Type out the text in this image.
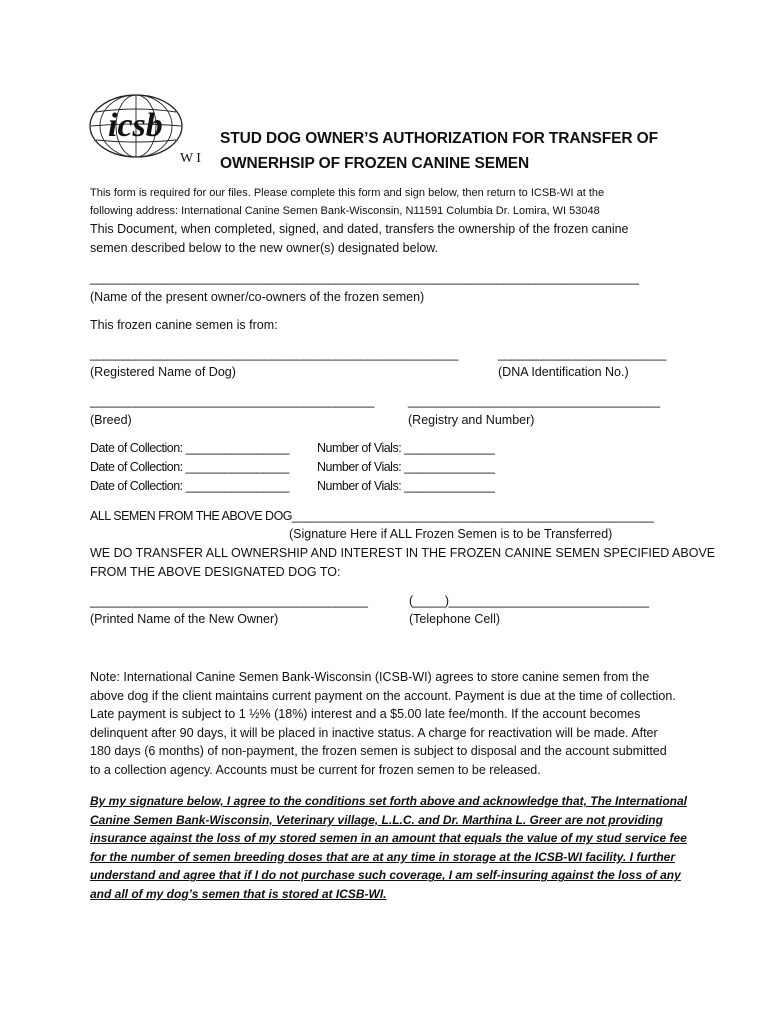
icsb
WI
STUD DOG OWNER’S AUTHORIZATION FOR TRANSFER OF
OWNERHSIP OF FROZEN CANINE SEMEN
This form is required for our files. Please complete this form and sign below, then return to ICSB-WI at the
following address: International Canine Semen Bank-Wisconsin, N11591 Columbia Dr. Lomira, WI 53048
This Document, when completed, signed, and dated, transfers the ownership of the frozen canine
semen described below to the new owner(s) designated below.
_____________________________________________________________________________________
(Name of the present owner/co-owners of the frozen semen)
This frozen canine semen is from:
_________________________________________________________	__________________________
(Registered Name of Dog)	(DNA Identification No.)
____________________________________________	_______________________________________
(Breed)	(Registry and Number)
Date of Collection: ________________ Number of Vials: ______________
Date of Collection: ________________ Number of Vials: ______________
Date of Collection: ________________ Number of Vials: ______________
ALL SEMEN FROM THE ABOVE DOG________________________________________________________
(Signature Here if ALL Frozen Semen is to be Transferred)
WE DO TRANSFER ALL OWNERSHIP AND INTEREST IN THE FROZEN CANINE SEMEN SPECIFIED ABOVE
FROM THE ABOVE DESIGNATED DOG TO:
___________________________________________	(_____)_______________________________
(Printed Name of the New Owner)	(Telephone Cell)
Note: International Canine Semen Bank-Wisconsin (ICSB-WI) agrees to store canine semen from the above dog if the client maintains current payment on the account. Payment is due at the time of collection. Late payment is subject to 1 ½% (18%) interest and a $5.00 late fee/month. If the account becomes delinquent after 90 days, it will be placed in inactive status. A charge for reactivation will be made. After 180 days (6 months) of non-payment, the frozen semen is subject to disposal and the account submitted to a collection agency. Accounts must be current for frozen semen to be released.
By my signature below, I agree to the conditions set forth above and acknowledge that, The International Canine Semen Bank-Wisconsin, Veterinary village, L.L.C. and Dr. Marthina L. Greer are not providing insurance against the loss of my stored semen in an amount that equals the value of my stud service fee for the number of semen breeding doses that are at any time in storage at the ICSB-WI facility. I further understand and agree that if I do not purchase such coverage, I am self-insuring against the loss of any and all of my dog’s semen that is stored at ICSB-WI.
